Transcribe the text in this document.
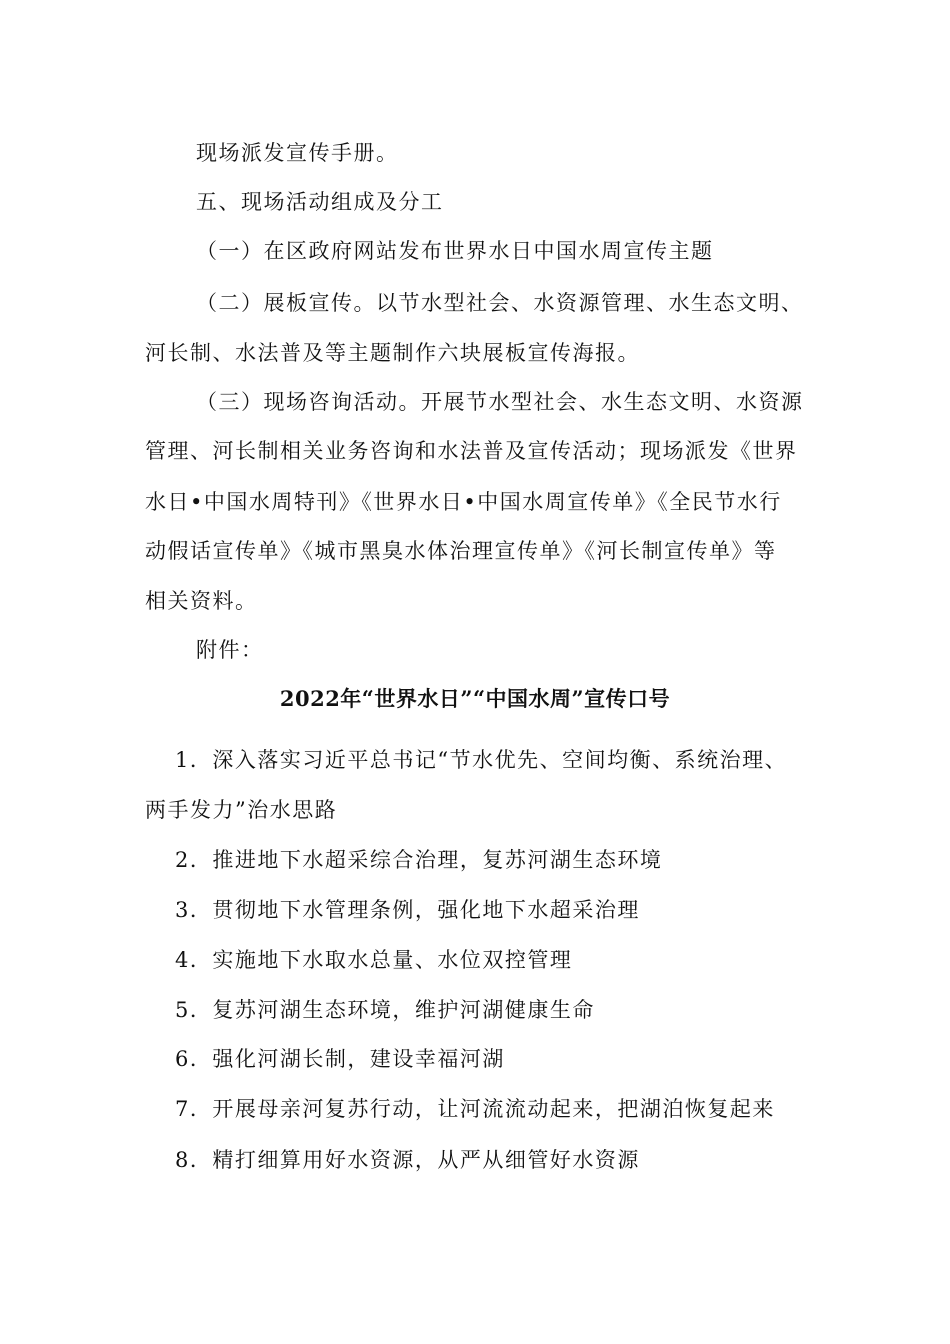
现场派发宣传手册。
五、现场活动组成及分工
（一）在区政府网站发布世界水日中国水周宣传主题
（二）展板宣传。以节水型社会、水资源管理、水生态文明、
河长制、水法普及等主题制作六块展板宣传海报。
（三）现场咨询活动。开展节水型社会、水生态文明、水资源
管理、河长制相关业务咨询和水法普及宣传活动；现场派发《世界
水日•中国水周特刊》《世界水日•中国水周宣传单》《全民节水行
动假话宣传单》《城市黑臭水体治理宣传单》《河长制宣传单》等
相关资料。
附件：
2022年“世界水日”“中国水周”宣传口号
1．深入落实习近平总书记“节水优先、空间均衡、系统治理、
两手发力”治水思路
2．推进地下水超采综合治理，复苏河湖生态环境
3．贯彻地下水管理条例，强化地下水超采治理
4．实施地下水取水总量、水位双控管理
5．复苏河湖生态环境，维护河湖健康生命
6．强化河湖长制，建设幸福河湖
7．开展母亲河复苏行动，让河流流动起来，把湖泊恢复起来
8．精打细算用好水资源，从严从细管好水资源
